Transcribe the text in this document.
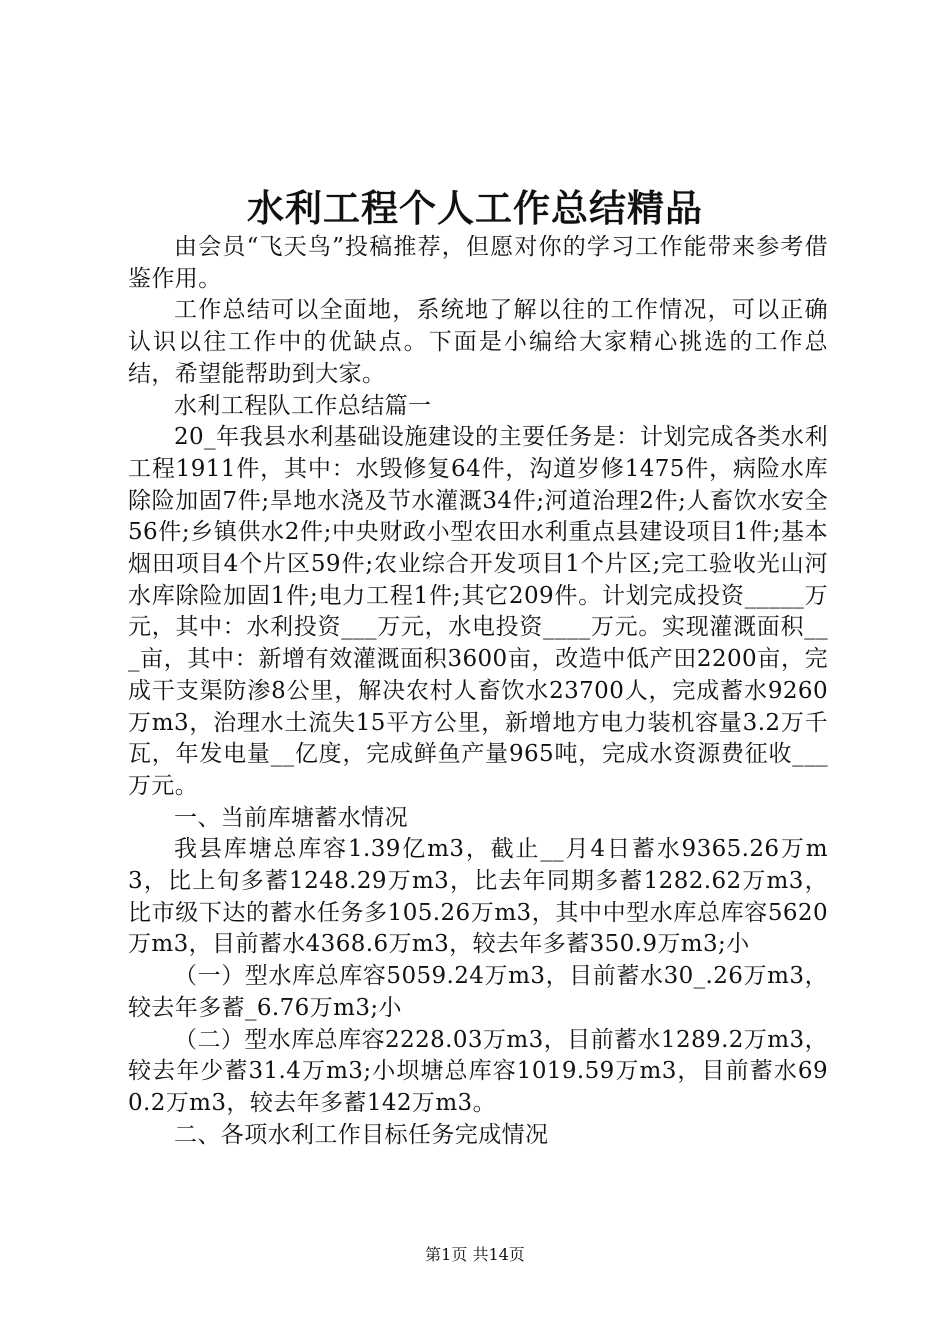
水利工程个人工作总结精品

由会员“飞天鸟”投稿推荐，但愿对你的学习工作能带来参考借鉴作用。

工作总结可以全面地，系统地了解以往的工作情况，可以正确认识以往工作中的优缺点。下面是小编给大家精心挑选的工作总结，希望能帮助到大家。

水利工程队工作总结篇一

20_年我县水利基础设施建设的主要任务是：计划完成各类水利工程1911件，其中：水毁修复64件，沟道岁修1475件，病险水库除险加固7件;旱地水浇及节水灌溉34件;河道治理2件;人畜饮水安全56件;乡镇供水2件;中央财政小型农田水利重点县建设项目1件;基本烟田项目4个片区59件;农业综合开发项目1个片区;完工验收光山河水库除险加固1件;电力工程1件;其它209件。计划完成投资_____万元，其中：水利投资___万元，水电投资____万元。实现灌溉面积___亩，其中：新增有效灌溉面积3600亩，改造中低产田2200亩，完成干支渠防渗8公里，解决农村人畜饮水23700人，完成蓄水9260万m3，治理水土流失15平方公里，新增地方电力装机容量3.2万千瓦，年发电量__亿度，完成鲜鱼产量965吨，完成水资源费征收___万元。

一、当前库塘蓄水情况

我县库塘总库容1.39亿m3，截止__月4日蓄水9365.26万m3，比上旬多蓄1248.29万m3，比去年同期多蓄1282.62万m3，比市级下达的蓄水任务多105.26万m3，其中中型水库总库容5620万m3，目前蓄水4368.6万m3，较去年多蓄350.9万m3;小

（一）型水库总库容5059.24万m3，目前蓄水30_.26万m3，较去年多蓄_6.76万m3;小

（二）型水库总库容2228.03万m3，目前蓄水1289.2万m3，较去年少蓄31.4万m3;小坝塘总库容1019.59万m3，目前蓄水690.2万m3，较去年多蓄142万m3。

二、各项水利工作目标任务完成情况

第1页 共14页
